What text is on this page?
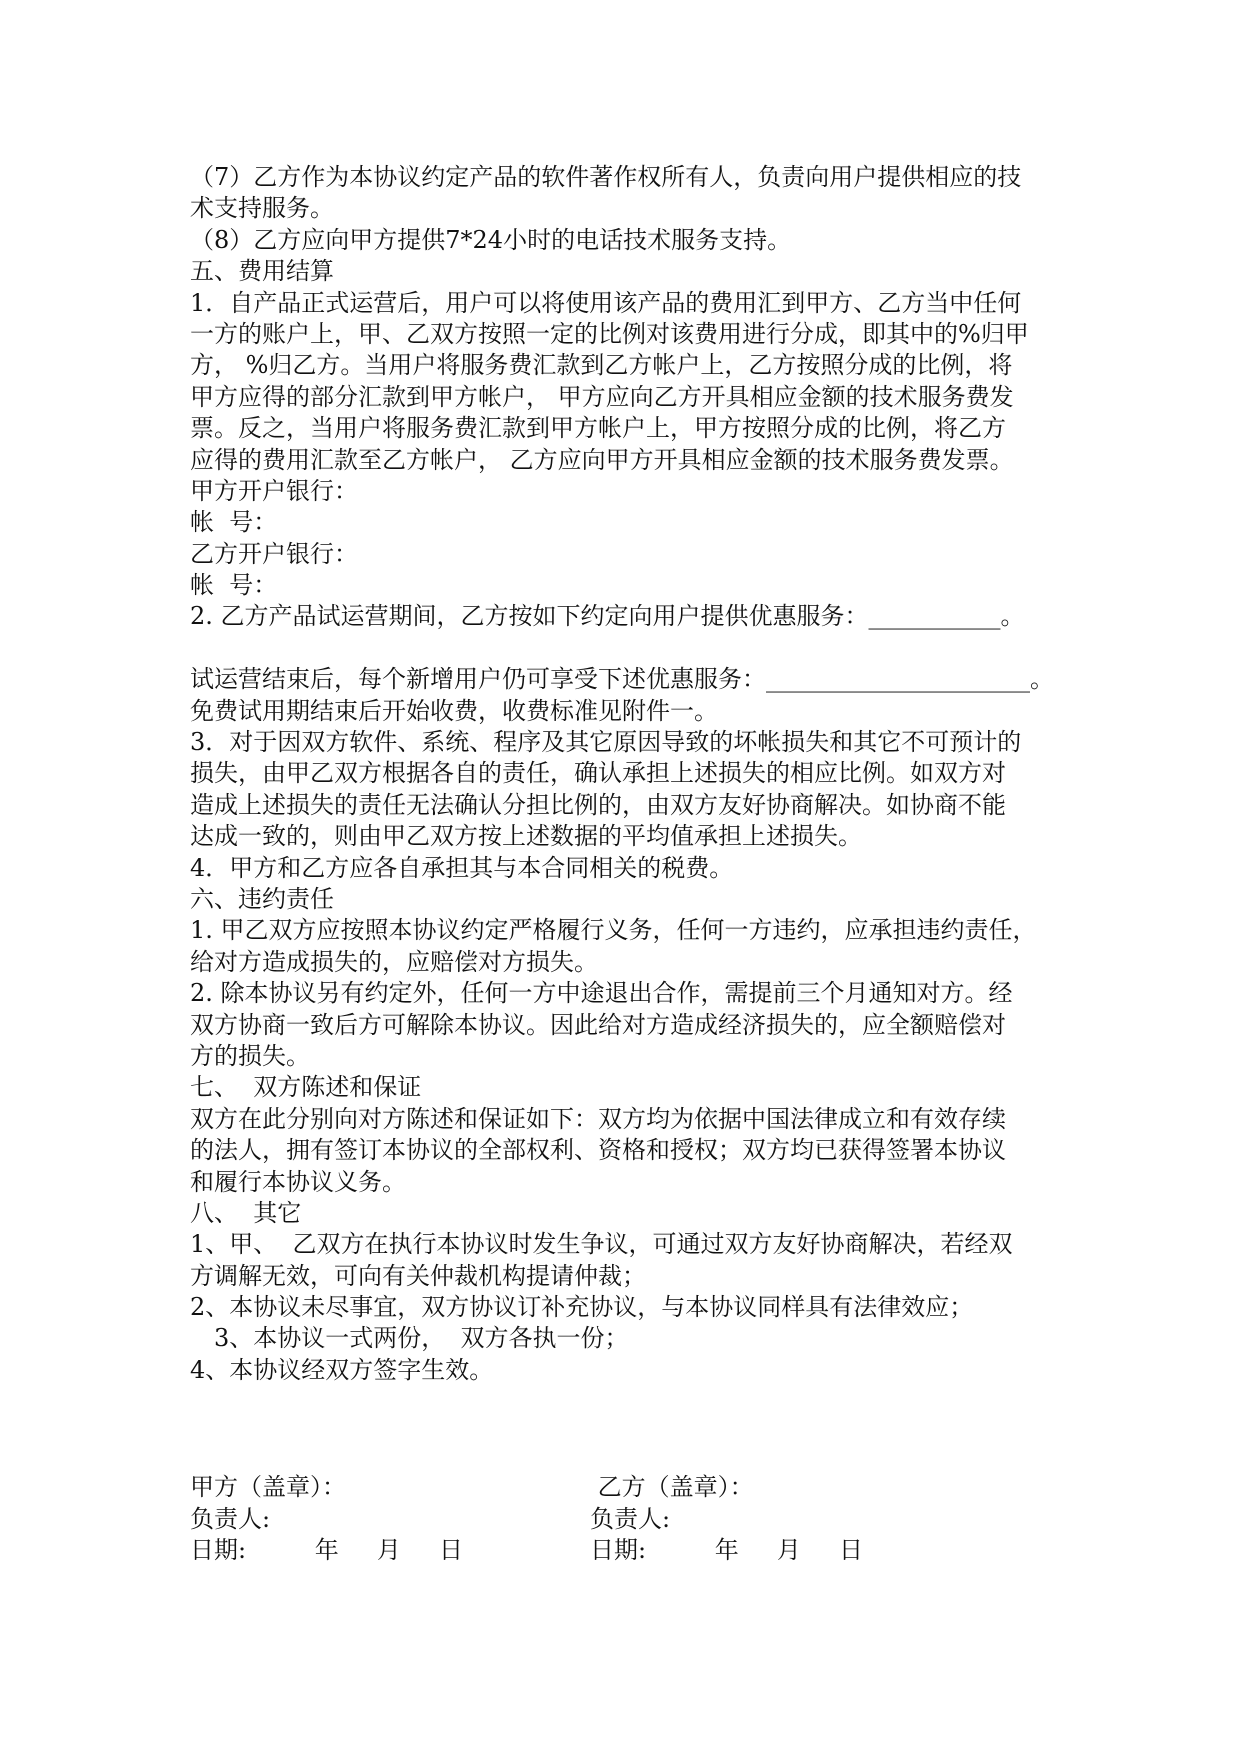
（7）乙方作为本协议约定产品的软件著作权所有人，负责向用户提供相应的技
术支持服务。
（8）乙方应向甲方提供7*24小时的电话技术服务支持。
五、费用结算
1．自产品正式运营后，用户可以将使用该产品的费用汇到甲方、乙方当中任何
一方的账户上，甲、乙双方按照一定的比例对该费用进行分成，即其中的%归甲
方， %归乙方。当用户将服务费汇款到乙方帐户上，乙方按照分成的比例，将
甲方应得的部分汇款到甲方帐户， 甲方应向乙方开具相应金额的技术服务费发
票。反之，当用户将服务费汇款到甲方帐户上，甲方按照分成的比例，将乙方
应得的费用汇款至乙方帐户， 乙方应向甲方开具相应金额的技术服务费发票。
甲方开户银行：
帐  号：
乙方开户银行：
帐  号：
2. 乙方产品试运营期间，乙方按如下约定向用户提供优惠服务：___________。
试运营结束后，每个新增用户仍可享受下述优惠服务：______________________。
免费试用期结束后开始收费，收费标准见附件一。
3．对于因双方软件、系统、程序及其它原因导致的坏帐损失和其它不可预计的
损失，由甲乙双方根据各自的责任，确认承担上述损失的相应比例。如双方对
造成上述损失的责任无法确认分担比例的，由双方友好协商解决。如协商不能
达成一致的，则由甲乙双方按上述数据的平均值承担上述损失。
4．甲方和乙方应各自承担其与本合同相关的税费。
六、违约责任
1. 甲乙双方应按照本协议约定严格履行义务，任何一方违约，应承担违约责任，
给对方造成损失的，应赔偿对方损失。
2. 除本协议另有约定外，任何一方中途退出合作，需提前三个月通知对方。经
双方协商一致后方可解除本协议。因此给对方造成经济损失的，应全额赔偿对
方的损失。
七、  双方陈述和保证
双方在此分别向对方陈述和保证如下：双方均为依据中国法律成立和有效存续
的法人，拥有签订本协议的全部权利、资格和授权；双方均已获得签署本协议
和履行本协议义务。
八、  其它
1、甲、  乙双方在执行本协议时发生争议，可通过双方友好协商解决，若经双
方调解无效，可向有关仲裁机构提请仲裁；
2、本协议未尽事宜，双方协议订补充协议，与本协议同样具有法律效应；
3、本协议一式两份，  双方各执一份；
4、本协议经双方签字生效。
甲方（盖章）：	乙方（盖章）：
负责人:	负责人:
日期:         年     月     日	日期:         年     月     日
